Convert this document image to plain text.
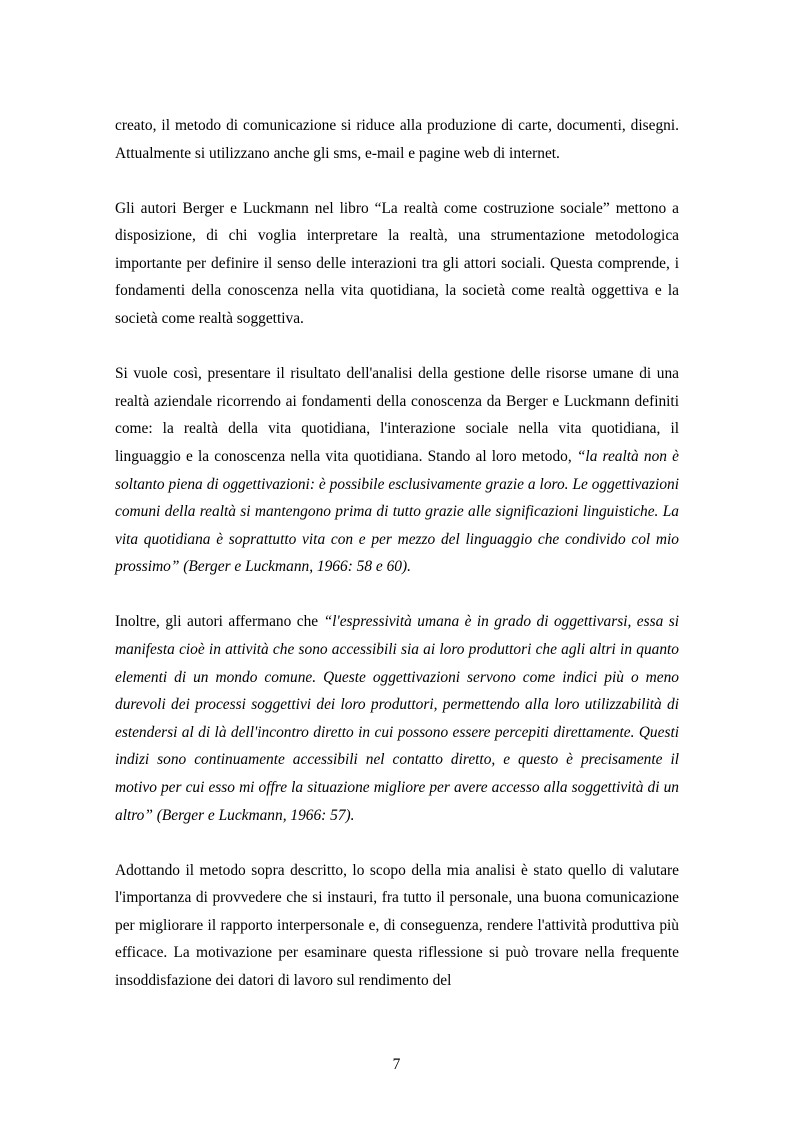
creato, il metodo di comunicazione si riduce alla produzione di carte, documenti, disegni. Attualmente si utilizzano anche gli sms, e-mail e pagine web di internet.

Gli autori Berger e Luckmann nel libro “La realtà come costruzione sociale” mettono a disposizione, di chi voglia interpretare la realtà, una strumentazione metodologica importante per definire il senso delle interazioni tra gli attori sociali. Questa comprende, i fondamenti della conoscenza nella vita quotidiana, la società come realtà oggettiva e la società come realtà soggettiva.

Si vuole così, presentare il risultato dell'analisi della gestione delle risorse umane di una realtà aziendale ricorrendo ai fondamenti della conoscenza da Berger e Luckmann definiti come: la realtà della vita quotidiana, l'interazione sociale nella vita quotidiana, il linguaggio e la conoscenza nella vita quotidiana. Stando al loro metodo, “la realtà non è soltanto piena di oggettivazioni: è possibile esclusivamente grazie a loro. Le oggettivazioni comuni della realtà si mantengono prima di tutto grazie alle significazioni linguistiche. La vita quotidiana è soprattutto vita con e per mezzo del linguaggio che condivido col mio prossimo” (Berger e Luckmann, 1966: 58 e 60).

Inoltre, gli autori affermano che “l'espressività umana è in grado di oggettivarsi, essa si manifesta cioè in attività che sono accessibili sia ai loro produttori che agli altri in quanto elementi di un mondo comune. Queste oggettivazioni servono come indici più o meno durevoli dei processi soggettivi dei loro produttori, permettendo alla loro utilizzabilità di estendersi al di là dell'incontro diretto in cui possono essere percepiti direttamente. Questi indizi sono continuamente accessibili nel contatto diretto, e questo è precisamente il motivo per cui esso mi offre la situazione migliore per avere accesso alla soggettività di un altro” (Berger e Luckmann, 1966: 57).

Adottando il metodo sopra descritto, lo scopo della mia analisi è stato quello di valutare l'importanza di provvedere che si instauri, fra tutto il personale, una buona comunicazione per migliorare il rapporto interpersonale e, di conseguenza, rendere l'attività produttiva più efficace. La motivazione per esaminare questa riflessione si può trovare nella frequente insoddisfazione dei datori di lavoro sul rendimento del

7
